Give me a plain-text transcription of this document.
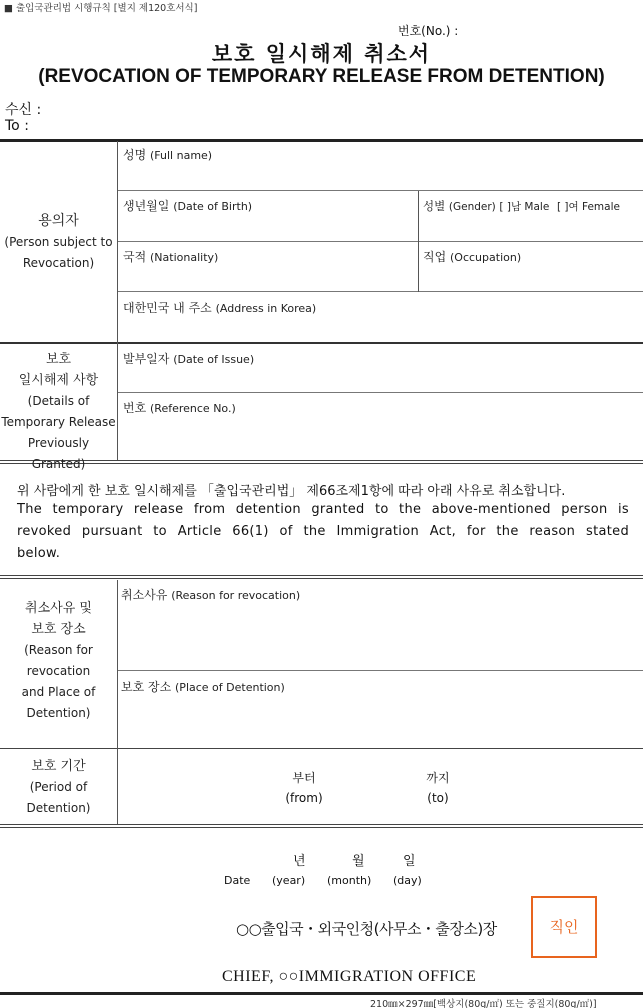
■ 출입국관리법 시행규칙 [별지 제120호서식]
번호(No.) :
보호 일시해제 취소서
(REVOCATION OF TEMPORARY RELEASE FROM DETENTION)
수신 :
To :
용의자
(Person subject to
Revocation)
성명 (Full name)
생년월일 (Date of Birth)	성별 (Gender) [ ]남 Male [ ]여 Female
국적 (Nationality)	직업 (Occupation)
대한민국 내 주소 (Address in Korea)
보호
일시해제 사항
(Details of
Temporary Release
Previously Granted)
발부일자 (Date of Issue)
번호 (Reference No.)
위 사람에게 한 보호 일시해제를 「출입국관리법」 제66조제1항에 따라 아래 사유로 취소합니다.
The temporary release from detention granted to the above-mentioned person is
revoked pursuant to Article 66(1) of the Immigration Act, for the reason stated
below.
취소사유 및
보호 장소
(Reason for
revocation
and Place of
Detention)
취소사유 (Reason for revocation)
보호 장소 (Place of Detention)
보호 기간
(Period of
Detention)
부터
(from)
까지
(to)
년	월	일
Date (year) (month) (day)
○○출입국・외국인청(사무소・출장소)장	직인
CHIEF, ○○IMMIGRATION OFFICE
210㎜×297㎜[백상지(80g/㎡) 또는 중질지(80g/㎡)]
